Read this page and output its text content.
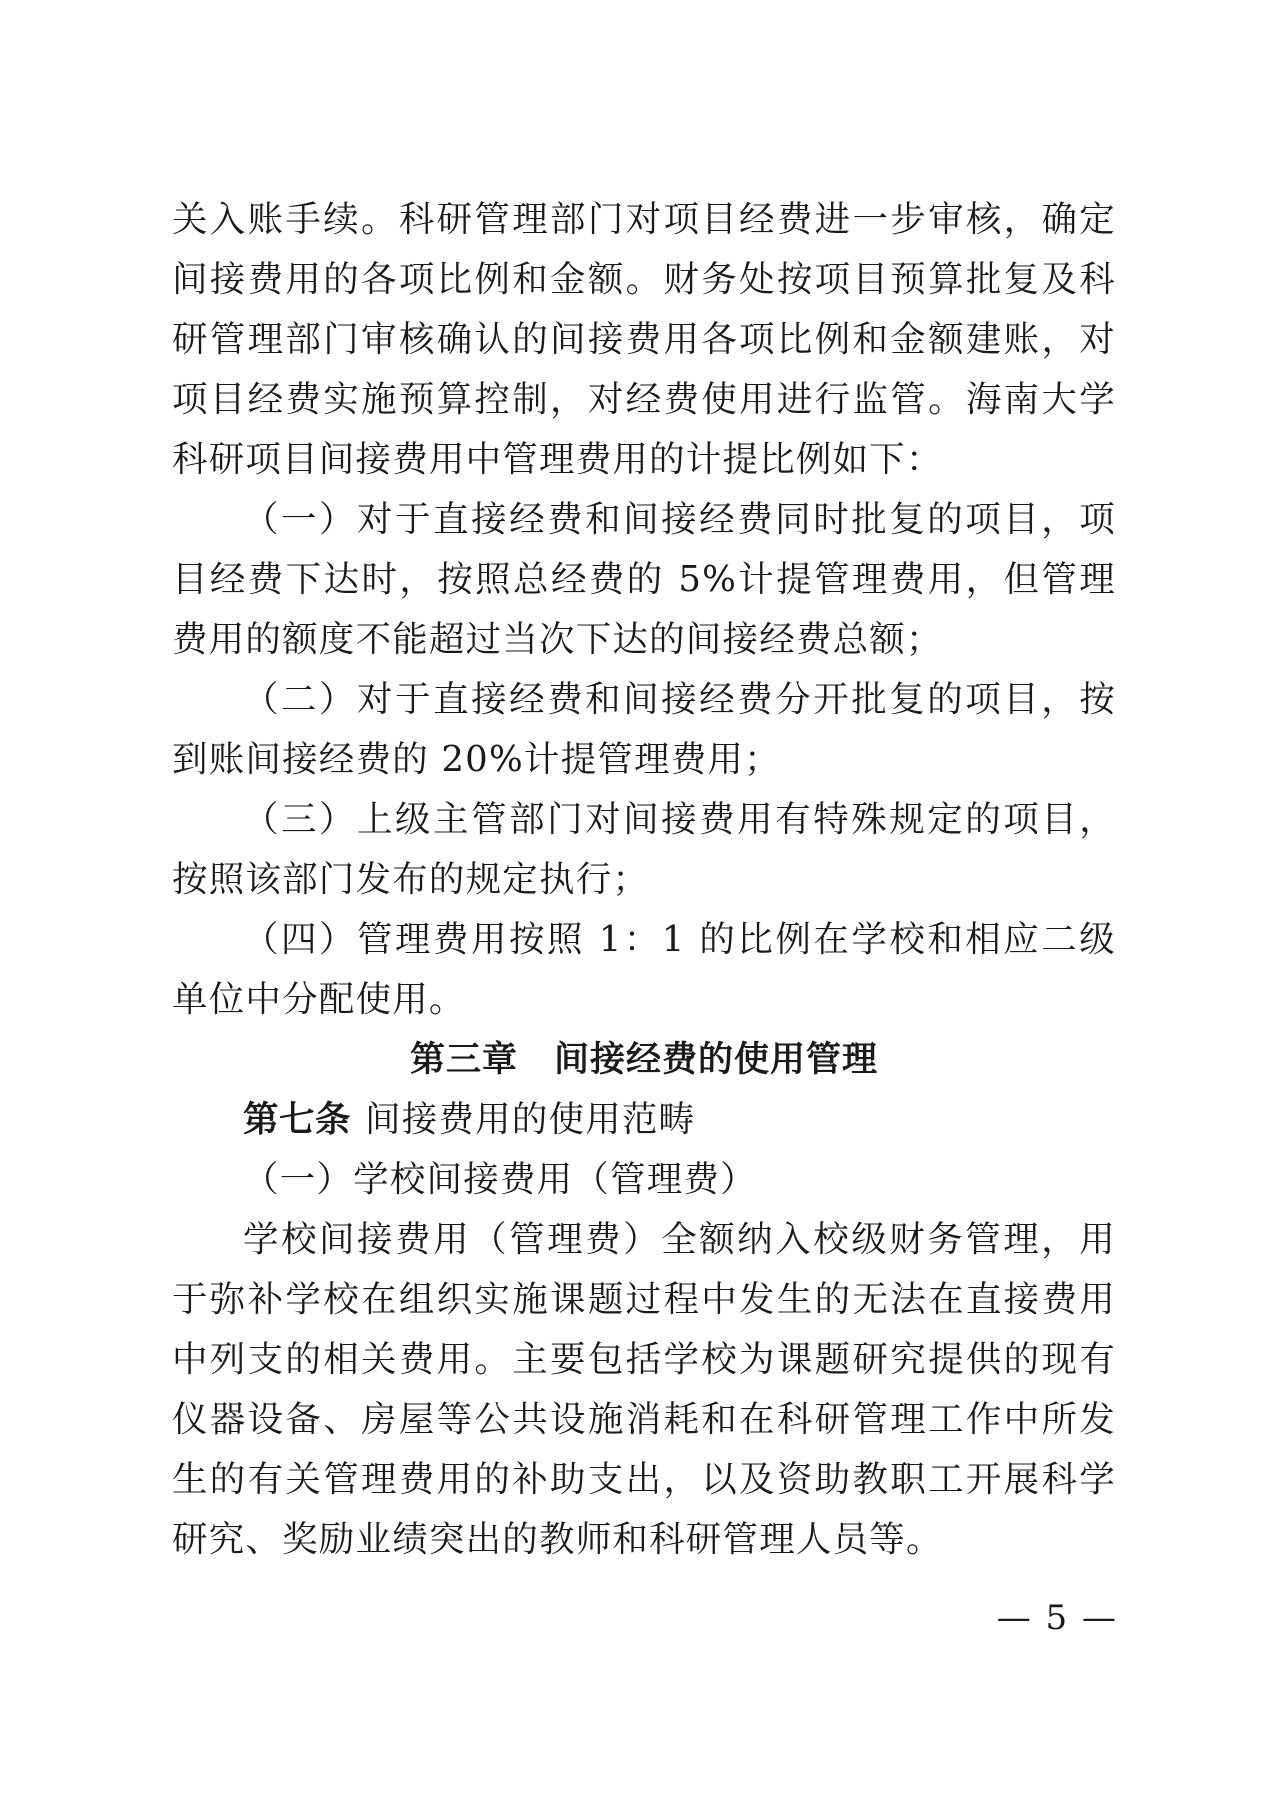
关入账手续。科研管理部门对项目经费进一步审核，确定间接费用的各项比例和金额。财务处按项目预算批复及科研管理部门审核确认的间接费用各项比例和金额建账，对项目经费实施预算控制，对经费使用进行监管。海南大学科研项目间接费用中管理费用的计提比例如下：

（一）对于直接经费和间接经费同时批复的项目，项目经费下达时，按照总经费的 5%计提管理费用，但管理费用的额度不能超过当次下达的间接经费总额；

（二）对于直接经费和间接经费分开批复的项目，按到账间接经费的 20%计提管理费用；

（三）上级主管部门对间接费用有特殊规定的项目，按照该部门发布的规定执行；

（四）管理费用按照 1：1 的比例在学校和相应二级单位中分配使用。

第三章　间接经费的使用管理

第七条 间接费用的使用范畴

（一）学校间接费用（管理费）

学校间接费用（管理费）全额纳入校级财务管理，用于弥补学校在组织实施课题过程中发生的无法在直接费用中列支的相关费用。主要包括学校为课题研究提供的现有仪器设备、房屋等公共设施消耗和在科研管理工作中所发生的有关管理费用的补助支出，以及资助教职工开展科学研究、奖励业绩突出的教师和科研管理人员等。

— 5 —
